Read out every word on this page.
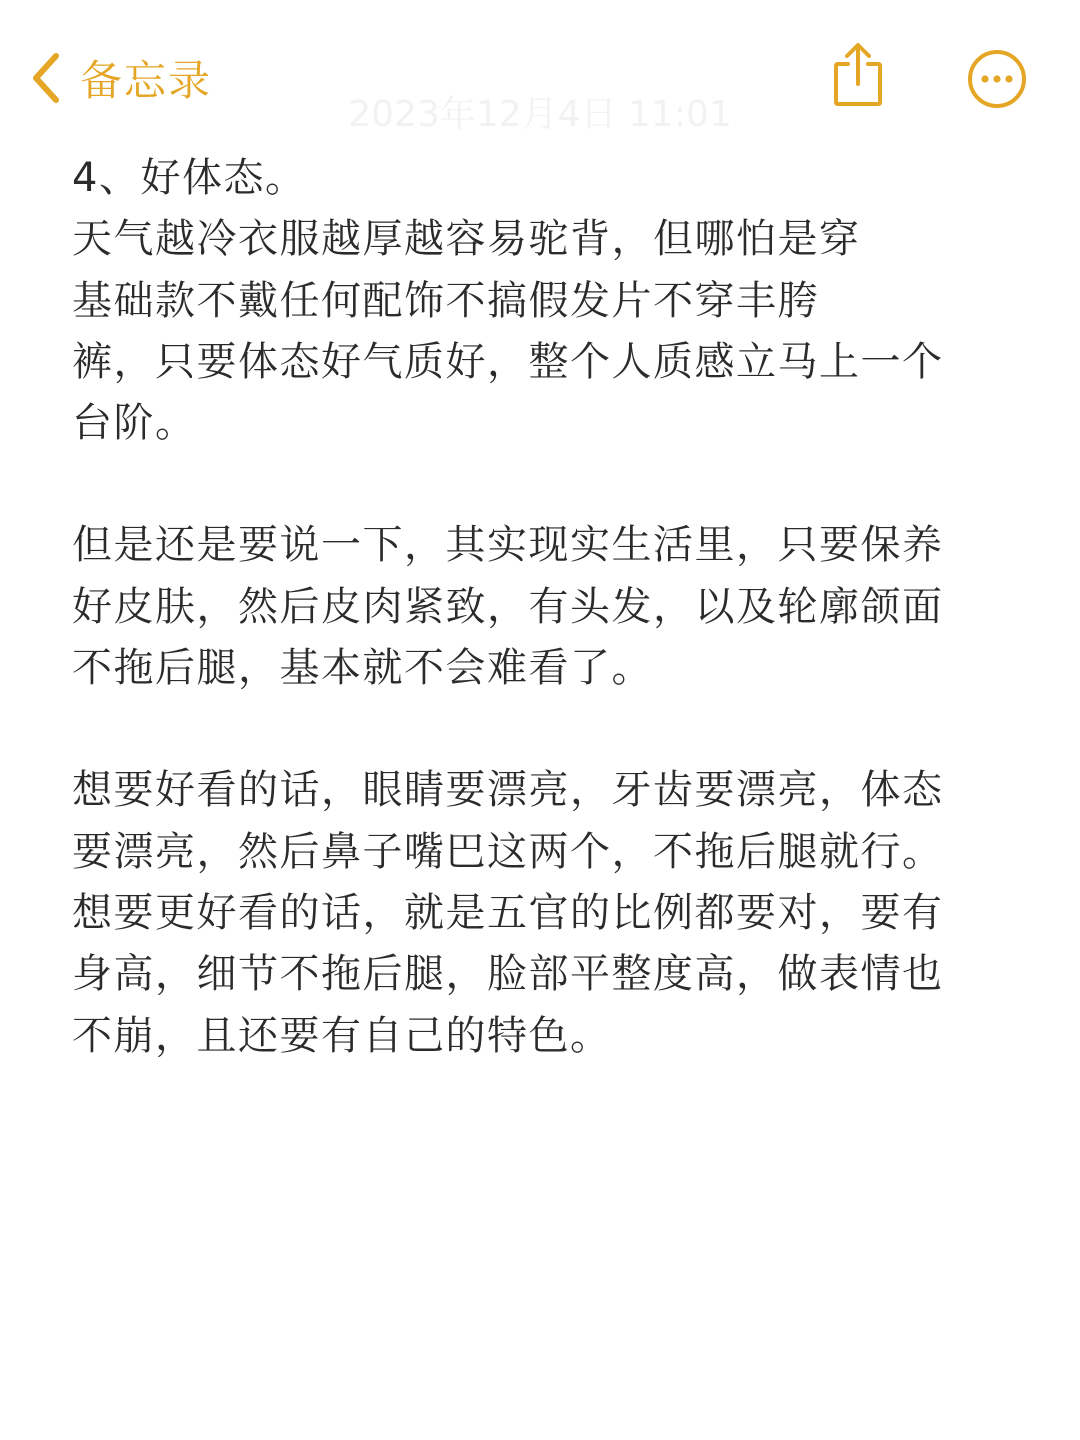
备忘录
2023年12月4日 11:01

4、好体态。
天气越冷衣服越厚越容易驼背，但哪怕是穿
基础款不戴任何配饰不搞假发片不穿丰胯
裤，只要体态好气质好，整个人质感立马上一个
台阶。

但是还是要说一下，其实现实生活里，只要保养
好皮肤，然后皮肉紧致，有头发，以及轮廓颌面
不拖后腿，基本就不会难看了。

想要好看的话，眼睛要漂亮，牙齿要漂亮，体态
要漂亮，然后鼻子嘴巴这两个，不拖后腿就行。
想要更好看的话，就是五官的比例都要对，要有
身高，细节不拖后腿，脸部平整度高，做表情也
不崩，且还要有自己的特色。
